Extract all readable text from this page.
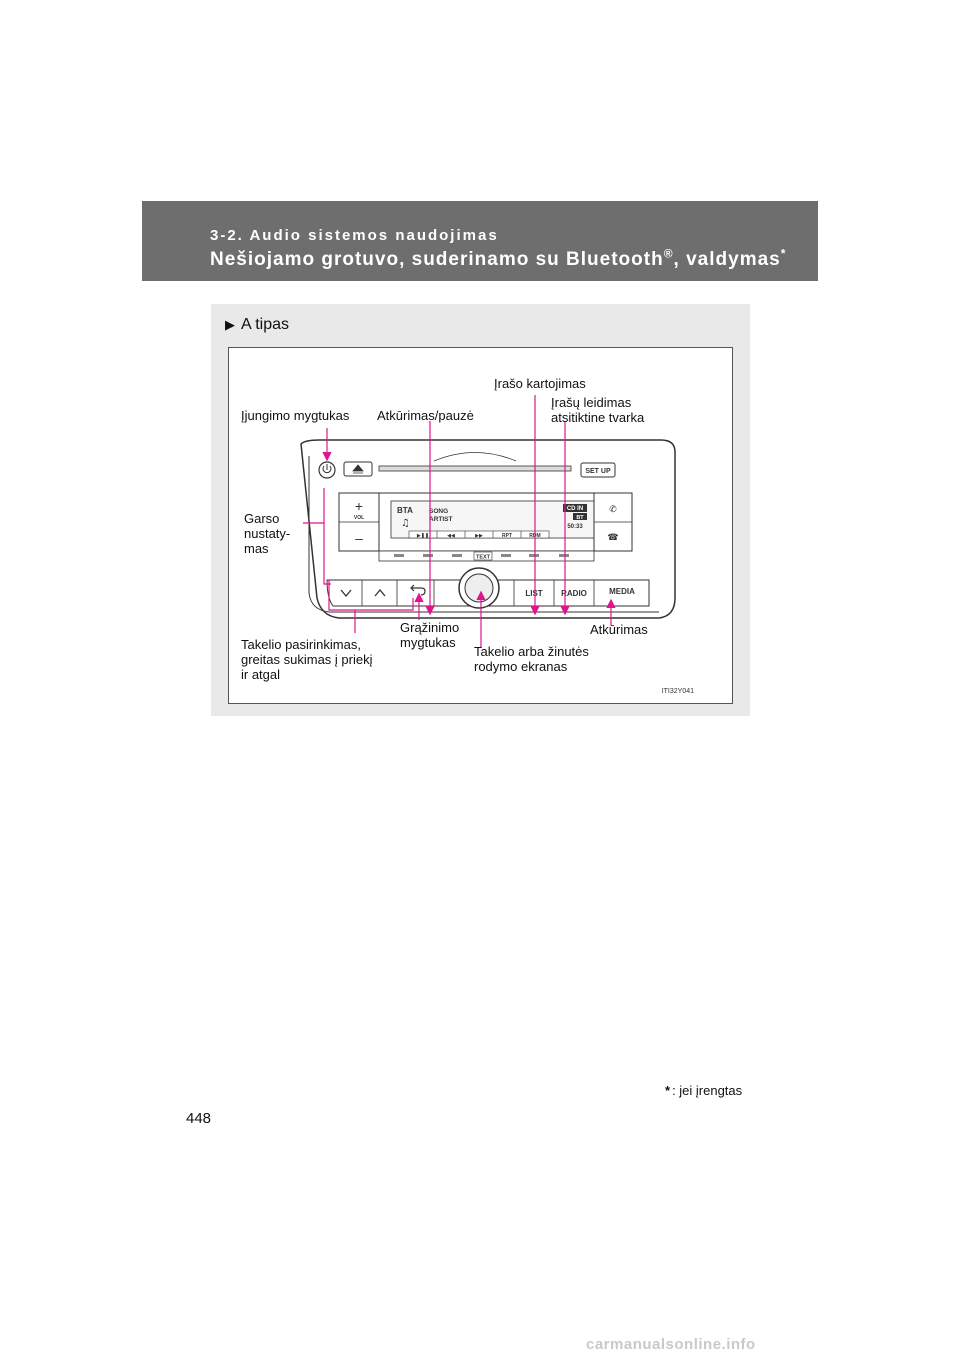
3-2. Audio sistemos naudojimas
Nešiojamo grotuvo, suderinamo su Bluetooth®, valdymas*
▶ A tipas
SET UP
+
VOL
–
BTA
♫
SONG
ARTIST
CD IN
BT
50:33
▶❚❚	◀◀	▶▶	RPT	RDM
✆
☎
TEXT
LIST RADIO	MEDIA
ITI32Y041
Įjungimo mygtukas Atkūrimas/pauzė
Įrašo kartojimas
Įrašų leidimas
atsitiktine tvarka
Garso
nustaty-
mas
Grąžinimo
mygtukas
Atkūrimas
Takelio pasirinkimas,
greitas sukimas į priekį
ir atgal
Takelio arba žinutės
rodymo ekranas
* : jei įrengtas
448
carmanualsonline.info
